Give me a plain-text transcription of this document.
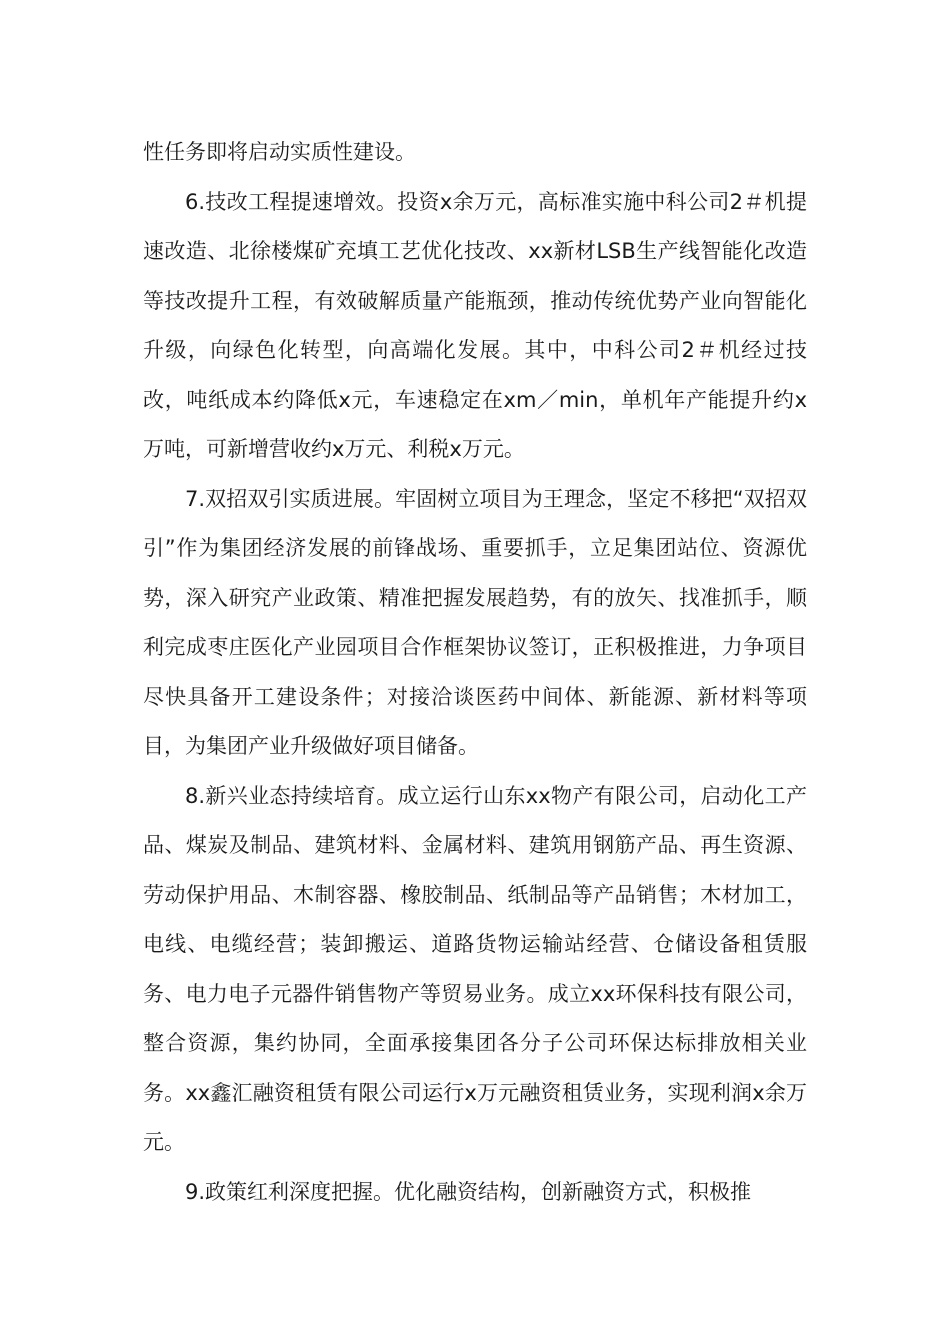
性任务即将启动实质性建设。

6.技改工程提速增效。投资x余万元，高标准实施中科公司2＃机提速改造、北徐楼煤矿充填工艺优化技改、xx新材LSB生产线智能化改造等技改提升工程，有效破解质量产能瓶颈，推动传统优势产业向智能化升级，向绿色化转型，向高端化发展。其中，中科公司2＃机经过技改，吨纸成本约降低x元，车速稳定在xm／min，单机年产能提升约x万吨，可新增营收约x万元、利税x万元。

7.双招双引实质进展。牢固树立项目为王理念，坚定不移把“双招双引”作为集团经济发展的前锋战场、重要抓手，立足集团站位、资源优势，深入研究产业政策、精准把握发展趋势，有的放矢、找准抓手，顺利完成枣庄医化产业园项目合作框架协议签订，正积极推进，力争项目尽快具备开工建设条件；对接洽谈医药中间体、新能源、新材料等项目，为集团产业升级做好项目储备。

8.新兴业态持续培育。成立运行山东xx物产有限公司，启动化工产品、煤炭及制品、建筑材料、金属材料、建筑用钢筋产品、再生资源、劳动保护用品、木制容器、橡胶制品、纸制品等产品销售；木材加工，电线、电缆经营；装卸搬运、道路货物运输站经营、仓储设备租赁服务、电力电子元器件销售物产等贸易业务。成立xx环保科技有限公司，整合资源，集约协同，全面承接集团各分子公司环保达标排放相关业务。xx鑫汇融资租赁有限公司运行x万元融资租赁业务，实现利润x余万元。

9.政策红利深度把握。优化融资结构，创新融资方式，积极推
